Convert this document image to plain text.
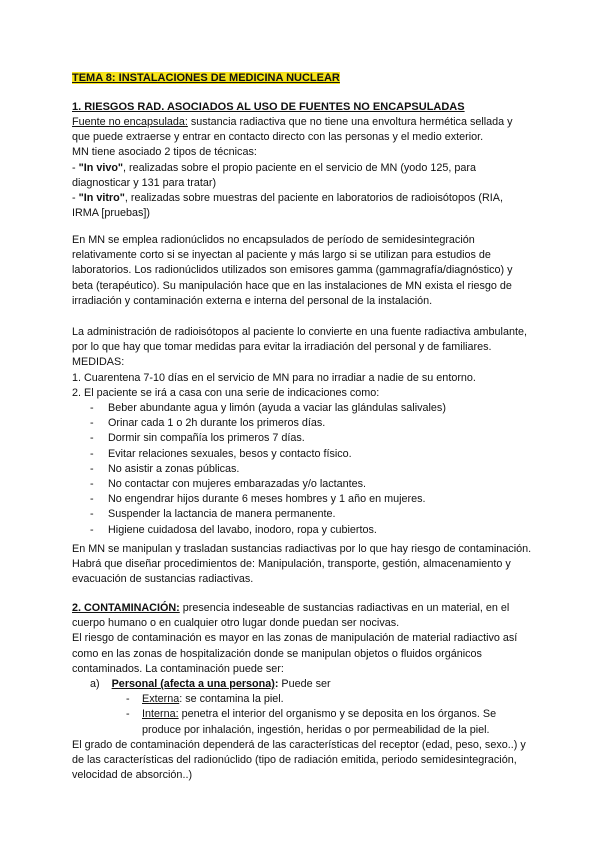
TEMA 8: INSTALACIONES DE MEDICINA NUCLEAR
1. RIESGOS RAD. ASOCIADOS AL USO DE FUENTES NO ENCAPSULADAS

Fuente no encapsulada: sustancia radiactiva que no tiene una envoltura hermética sellada y que puede extraerse y entrar en contacto directo con las personas y el medio exterior.

MN tiene asociado 2 tipos de técnicas:

- "In vivo", realizadas sobre el propio paciente en el servicio de MN (yodo 125, para diagnosticar y 131 para tratar)

- "In vitro", realizadas sobre muestras del paciente en laboratorios de radioisótopos (RIA, IRMA [pruebas])

En MN se emplea radionúclidos no encapsulados de período de semidesintegración relativamente corto si se inyectan al paciente y más largo si se utilizan para estudios de laboratorios. Los radionúclidos utilizados son emisores gamma (gammagrafía/diagnóstico) y beta (terapéutico). Su manipulación hace que en las instalaciones de MN exista el riesgo de irradiación y contaminación externa e interna del personal de la instalación.

La administración de radioisótopos al paciente lo convierte en una fuente radiactiva ambulante, por lo que hay que tomar medidas para evitar la irradiación del personal y de familiares. MEDIDAS:

1. Cuarentena 7-10 días en el servicio de MN para no irradiar a nadie de su entorno.

2. El paciente se irá a casa con una serie de indicaciones como:

- Beber abundante agua y limón (ayuda a vaciar las glándulas salivales)
- Orinar cada 1 o 2h durante los primeros días.
- Dormir sin compañía los primeros 7 días.
- Evitar relaciones sexuales, besos y contacto físico.
- No asistir a zonas públicas.
- No contactar con mujeres embarazadas y/o lactantes.
- No engendrar hijos durante 6 meses hombres y 1 año en mujeres.
- Suspender la lactancia de manera permanente.
- Higiene cuidadosa del lavabo, inodoro, ropa y cubiertos.
En MN se manipulan y trasladan sustancias radiactivas por lo que hay riesgo de contaminación. Habrá que diseñar procedimientos de: Manipulación, transporte, gestión, almacenamiento y evacuación de sustancias radiactivas.

2. CONTAMINACIÓN: presencia indeseable de sustancias radiactivas en un material, en el cuerpo humano o en cualquier otro lugar donde puedan ser nocivas.

El riesgo de contaminación es mayor en las zonas de manipulación de material radiactivo así como en las zonas de hospitalización donde se manipulan objetos o fluidos orgánicos contaminados. La contaminación puede ser:

a) Personal (afecta a una persona): Puede ser

- Externa: se contamina la piel.

- Interna: penetra el interior del organismo y se deposita en los órganos. Se produce por inhalación, ingestión, heridas o por permeabilidad de la piel.

El grado de contaminación dependerá de las características del receptor (edad, peso, sexo..) y de las características del radionúclido (tipo de radiación emitida, periodo semidesintegración, velocidad de absorción..)
